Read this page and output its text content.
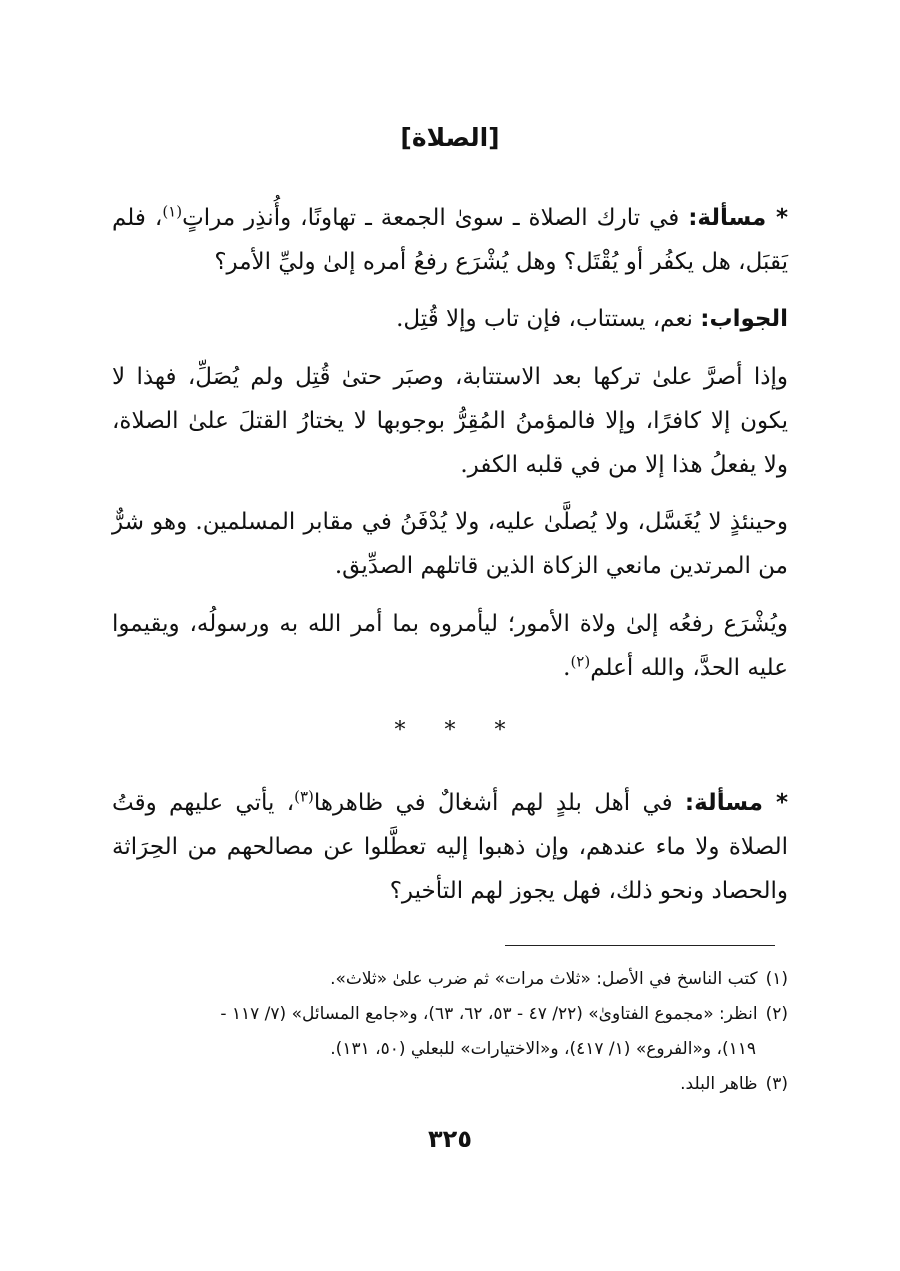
[الصلاة]

* مسألة: في تارك الصلاة ـ سوىٰ الجمعة ـ تهاونًا، وأُنذِر مراتٍ$^{(١)}$، فلم يَقبَل، هل يكفُر أو يُقْتَل؟ وهل يُشْرَع رفعُ أمره إلىٰ وليِّ الأمر؟

الجواب: نعم، يستتاب، فإن تاب وإلا قُتِل.

وإذا أصرَّ علىٰ تركها بعد الاستتابة، وصبَر حتىٰ قُتِل ولم يُصَلِّ، فهذا لا يكون إلا كافرًا، وإلا فالمؤمنُ المُقِرُّ بوجوبها لا يختارُ القتلَ علىٰ الصلاة، ولا يفعلُ هذا إلا من في قلبه الكفر.

وحينئذٍ لا يُغَسَّل، ولا يُصلَّىٰ عليه، ولا يُدْفَنُ في مقابر المسلمين. وهو شرٌّ من المرتدين مانعي الزكاة الذين قاتلهم الصدِّيق.

ويُشْرَع رفعُه إلىٰ ولاة الأمور؛ ليأمروه بما أمر الله به ورسولُه، ويقيموا عليه الحدَّ، والله أعلم$^{(٢)}$.

* * *

* مسألة: في أهل بلدٍ لهم أشغالٌ في ظاهرها$^{(٣)}$، يأتي عليهم وقتُ الصلاة ولا ماء عندهم، وإن ذهبوا إليه تعطَّلوا عن مصالحهم من الحِرَاثة والحصاد ونحو ذلك، فهل يجوز لهم التأخير؟

(١)كتب الناسخ في الأصل: «ثلاث مرات» ثم ضرب علىٰ «ثلاث».

(٢)انظر: «مجموع الفتاوىٰ» (٢٢/ ٤٧ - ٥٣، ٦٢، ٦٣)، و«جامع المسائل» (٧/ ١١٧ -

١١٩)، و«الفروع» (١/ ٤١٧)، و«الاختيارات» للبعلي (٥٠، ١٣١).

(٣)ظاهر البلد.

٣٢٥
